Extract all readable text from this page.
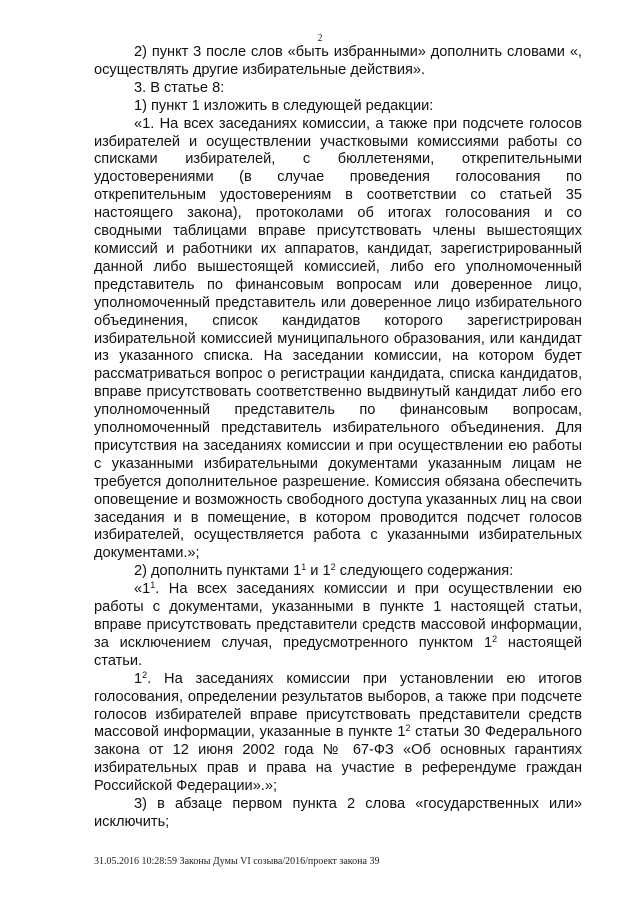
2

2) пункт 3 после слов «быть избранными» дополнить словами «, осуществлять другие избирательные действия».

3. В статье 8:

1) пункт 1 изложить в следующей редакции:

«1. На всех заседаниях комиссии, а также при подсчете голосов избирателей и осуществлении участковыми комиссиями работы со списками избирателей, с бюллетенями, открепительными удостоверениями (в случае проведения голосования по открепительным удостоверениям в соответствии со статьей 35 настоящего закона), протоколами об итогах голосования и со сводными таблицами вправе присутствовать члены вышестоящих комиссий и работники их аппаратов, кандидат, зарегистрированный данной либо вышестоящей комиссией, либо его уполномоченный представитель по финансовым вопросам или доверенное лицо, уполномоченный представитель или доверенное лицо избирательного объединения, список кандидатов которого зарегистрирован избирательной комиссией муниципального образования, или кандидат из указанного списка. На заседании комиссии, на котором будет рассматриваться вопрос о регистрации кандидата, списка кандидатов, вправе присутствовать соответственно выдвинутый кандидат либо его уполномоченный представитель по финансовым вопросам, уполномоченный представитель избирательного объединения. Для присутствия на заседаниях комиссии и при осуществлении ею работы с указанными избирательными документами указанным лицам не требуется дополнительное разрешение. Комиссия обязана обеспечить оповещение и возможность свободного доступа указанных лиц на свои заседания и в помещение, в котором проводится подсчет голосов избирателей, осуществляется работа с указанными избирательных документами.»;

2) дополнить пунктами $1^1$ и $1^2$ следующего содержания:

«$1^1$. На всех заседаниях комиссии и при осуществлении ею работы с документами, указанными в пункте 1 настоящей статьи, вправе присутствовать представители средств массовой информации, за исключением случая, предусмотренного пунктом $1^2$ настоящей статьи.

$1^2$. На заседаниях комиссии при установлении ею итогов голосования, определении результатов выборов, а также при подсчете голосов избирателей вправе присутствовать представители средств массовой информации, указанные в пункте $1^2$ статьи 30 Федерального закона от 12 июня 2002 года № 67-ФЗ «Об основных гарантиях избирательных прав и права на участие в референдуме граждан Российской Федерации».»;

3) в абзаце первом пункта 2 слова «государственных или» исключить;

31.05.2016 10:28:59 Законы Думы VI созыва/2016/проект закона 39
